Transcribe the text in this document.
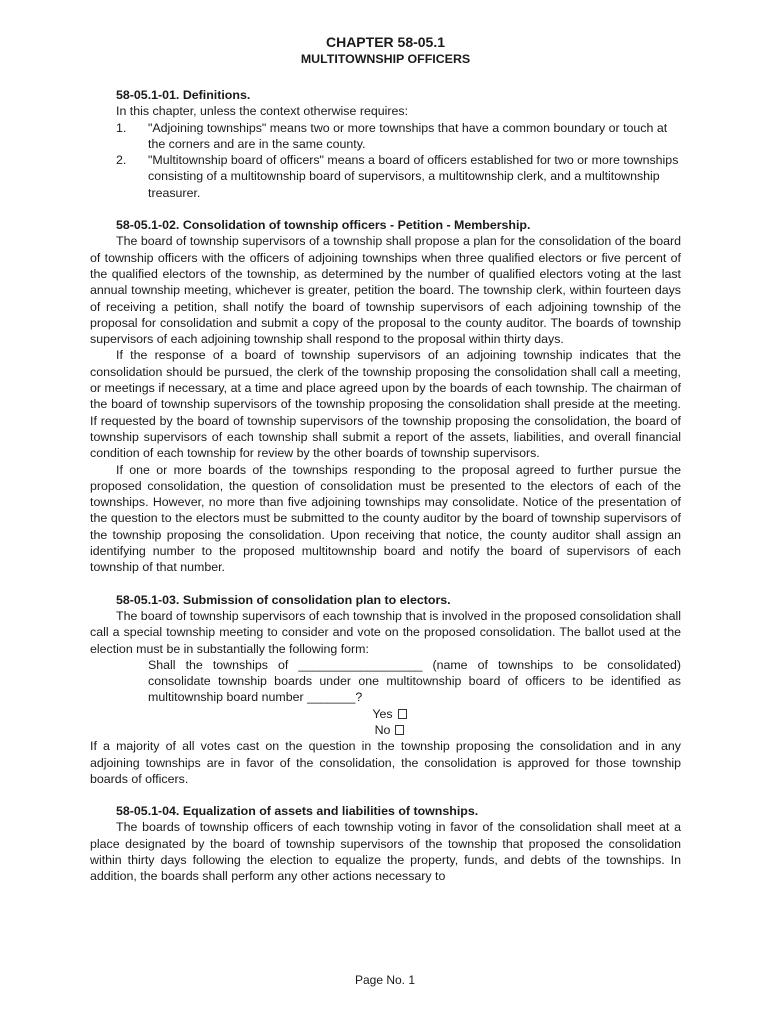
CHAPTER 58-05.1
MULTITOWNSHIP OFFICERS
58-05.1-01. Definitions.
In this chapter, unless the context otherwise requires:
1. "Adjoining townships" means two or more townships that have a common boundary or touch at the corners and are in the same county.
2. "Multitownship board of officers" means a board of officers established for two or more townships consisting of a multitownship board of supervisors, a multitownship clerk, and a multitownship treasurer.
58-05.1-02. Consolidation of township officers - Petition - Membership.
The board of township supervisors of a township shall propose a plan for the consolidation of the board of township officers with the officers of adjoining townships when three qualified electors or five percent of the qualified electors of the township, as determined by the number of qualified electors voting at the last annual township meeting, whichever is greater, petition the board. The township clerk, within fourteen days of receiving a petition, shall notify the board of township supervisors of each adjoining township of the proposal for consolidation and submit a copy of the proposal to the county auditor. The boards of township supervisors of each adjoining township shall respond to the proposal within thirty days.
If the response of a board of township supervisors of an adjoining township indicates that the consolidation should be pursued, the clerk of the township proposing the consolidation shall call a meeting, or meetings if necessary, at a time and place agreed upon by the boards of each township. The chairman of the board of township supervisors of the township proposing the consolidation shall preside at the meeting. If requested by the board of township supervisors of the township proposing the consolidation, the board of township supervisors of each township shall submit a report of the assets, liabilities, and overall financial condition of each township for review by the other boards of township supervisors.
If one or more boards of the townships responding to the proposal agreed to further pursue the proposed consolidation, the question of consolidation must be presented to the electors of each of the townships. However, no more than five adjoining townships may consolidate. Notice of the presentation of the question to the electors must be submitted to the county auditor by the board of township supervisors of the township proposing the consolidation. Upon receiving that notice, the county auditor shall assign an identifying number to the proposed multitownship board and notify the board of supervisors of each township of that number.
58-05.1-03. Submission of consolidation plan to electors.
The board of township supervisors of each township that is involved in the proposed consolidation shall call a special township meeting to consider and vote on the proposed consolidation. The ballot used at the election must be in substantially the following form:
Shall the townships of __________________ (name of townships to be consolidated) consolidate township boards under one multitownship board of officers to be identified as multitownship board number _______?
Yes
No
If a majority of all votes cast on the question in the township proposing the consolidation and in any adjoining townships are in favor of the consolidation, the consolidation is approved for those township boards of officers.
58-05.1-04. Equalization of assets and liabilities of townships.
The boards of township officers of each township voting in favor of the consolidation shall meet at a place designated by the board of township supervisors of the township that proposed the consolidation within thirty days following the election to equalize the property, funds, and debts of the townships. In addition, the boards shall perform any other actions necessary to
Page No. 1
